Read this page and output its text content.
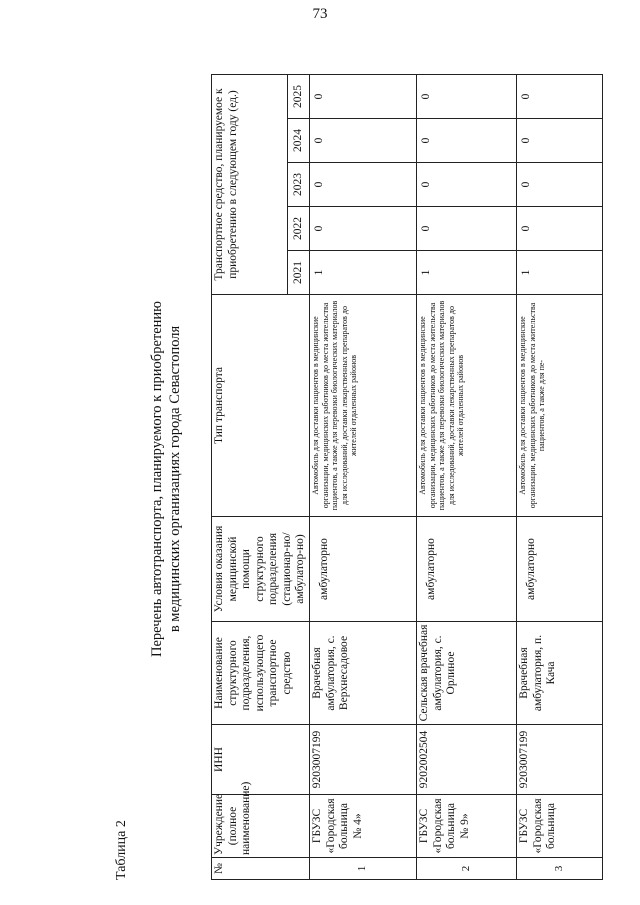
73
Таблица 2
Перечень автотранспорта, планируемого к приобретению в медицинских организациях города Севастополя
№	Учреждение (полное наименование)	ИНН	Наименование структурного подразделения, использующего транспортное средство	Условия оказания медицинской помощи структурного подразделения (стационар-но/амбулатор-но)	Тип транспорта	Транспортное средство, планируемое к приобретению в следующем году (ед.)				
						2021	2022	2023	2024	2025
1	ГБУЗС «Городская больница № 4»	9203007199	Врачебная амбулатория, с. Верхнесадовое	амбулаторно	Автомобиль для доставки пациентов в медицинские организации, медицинских работников до места жительства пациентов, а также для перевозки биологических материалов для исследований, доставки лекарственных препаратов до жителей отдаленных районов	1	0	0	0	0
2	ГБУЗС «Городская больница № 9»	9202002504	Сельская врачебная амбулатория, с. Орлиное	амбулаторно	Автомобиль для доставки пациентов в медицинские организации, медицинских работников до места жительства пациентов, а также для перевозки биологических материалов для исследований, доставки лекарственных препаратов до жителей отдаленных районов	1	0	0	0	0
3	ГБУЗС «Городская больница	9203007199	Врачебная амбулатория, п. Кача	амбулаторно	Автомобиль для доставки пациентов в медицинские организации, медицинских работников до места жительства пациентов, а также для пе-	1	0	0	0	0
